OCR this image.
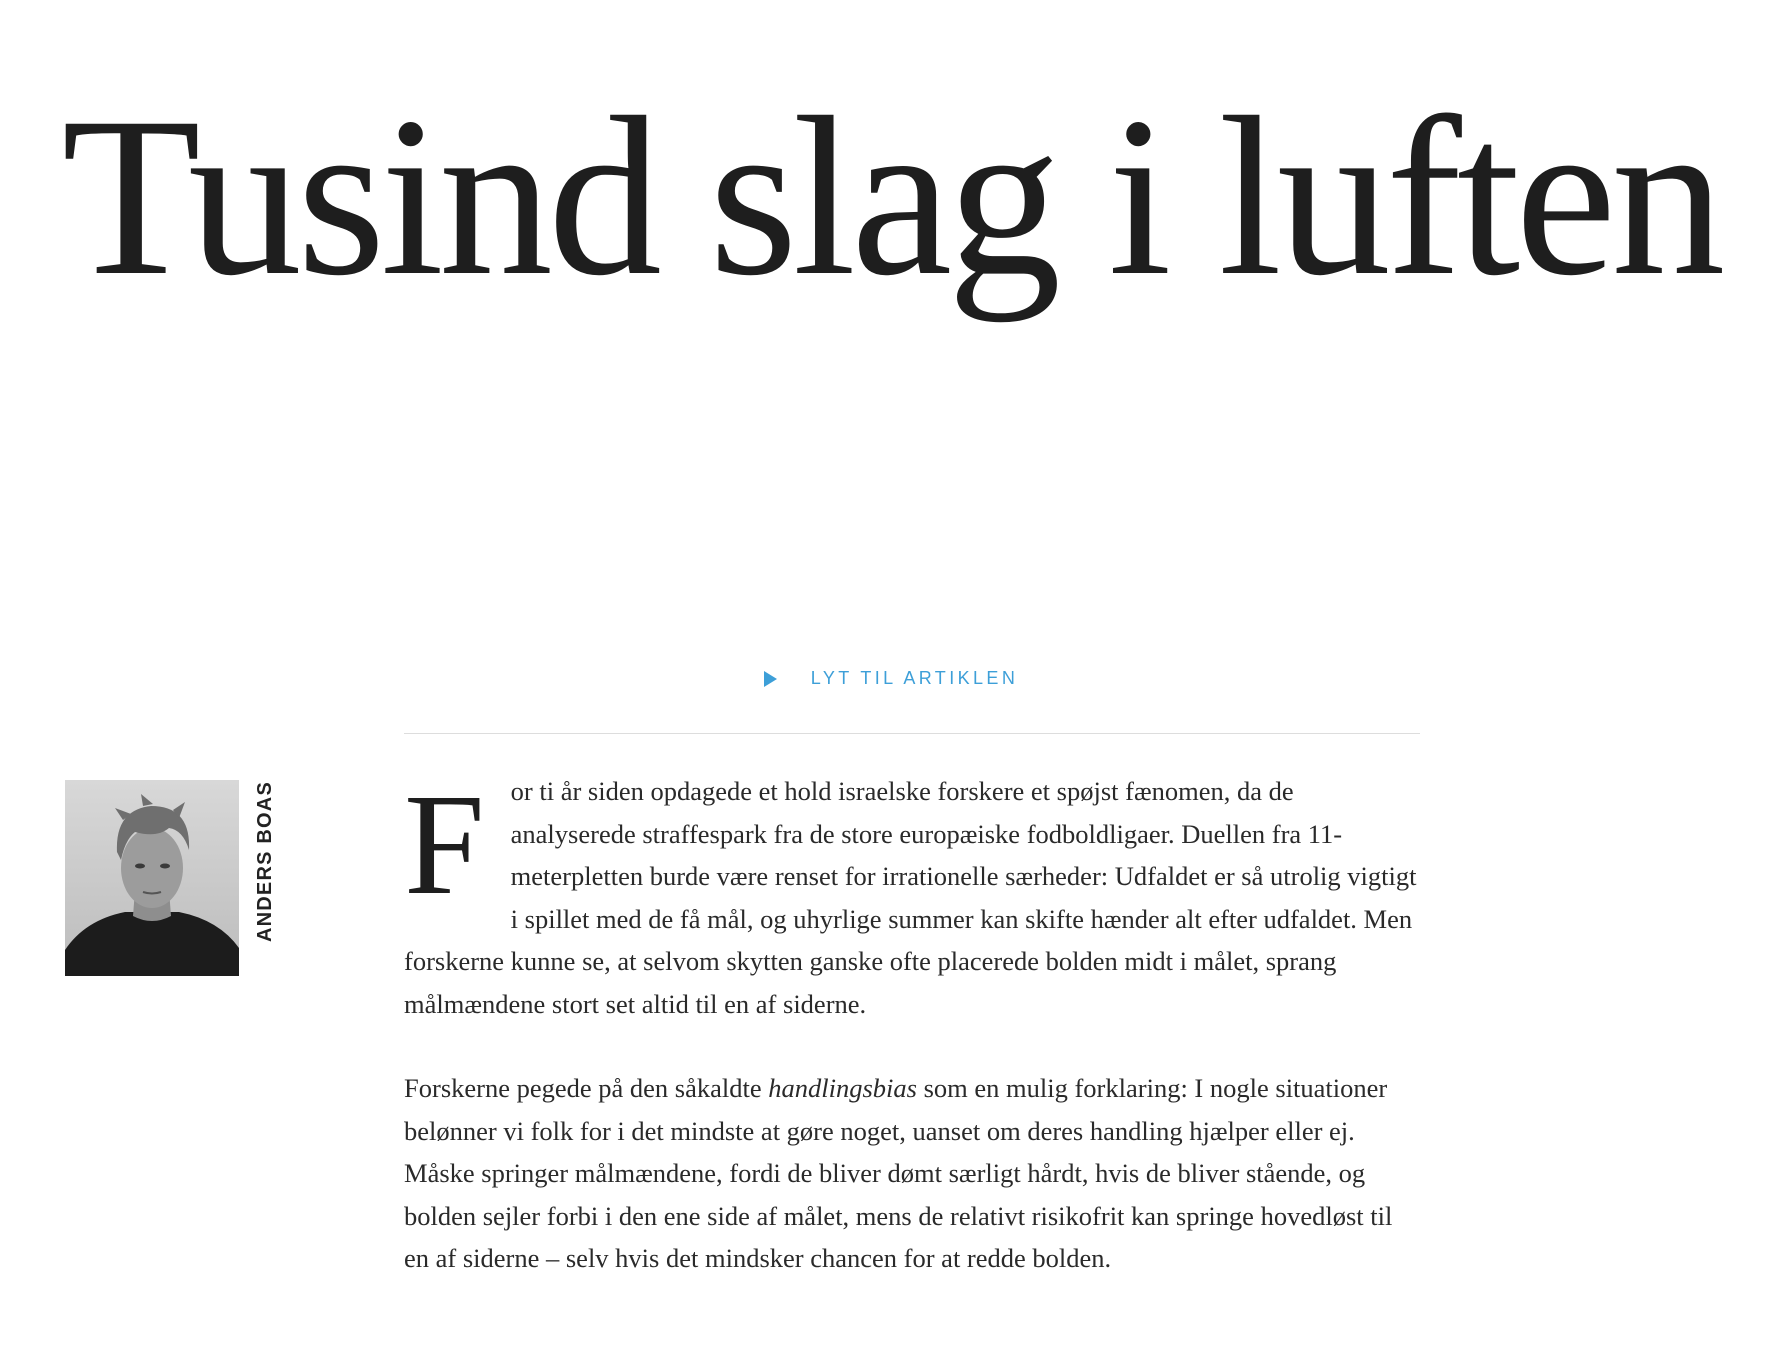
Tusind slag i luften
LYT TIL ARTIKLEN
ANDERS BOAS For ti år siden opdagede et hold israelske forskere et spøjst fænomen, da de analyserede straffespark fra de store europæiske fodboldligaer. Duellen fra 11-meterpletten burde være renset for irrationelle særheder: Udfaldet er så utrolig vigtigt i spillet med de få mål, og uhyrlige summer kan skifte hænder alt efter udfaldet. Men forskerne kunne se, at selvom skytten ganske ofte placerede bolden midt i målet, sprang målmændene stort set altid til en af siderne.

Forskerne pegede på den såkaldte handlingsbias som en mulig forklaring: I nogle situationer belønner vi folk for i det mindste at gøre noget, uanset om deres handling hjælper eller ej. Måske springer målmændene, fordi de bliver dømt særligt hårdt, hvis de bliver stående, og bolden sejler forbi i den ene side af målet, mens de relativt risikofrit kan springe hovedløst til en af siderne – selv hvis det mindsker chancen for at redde bolden.
